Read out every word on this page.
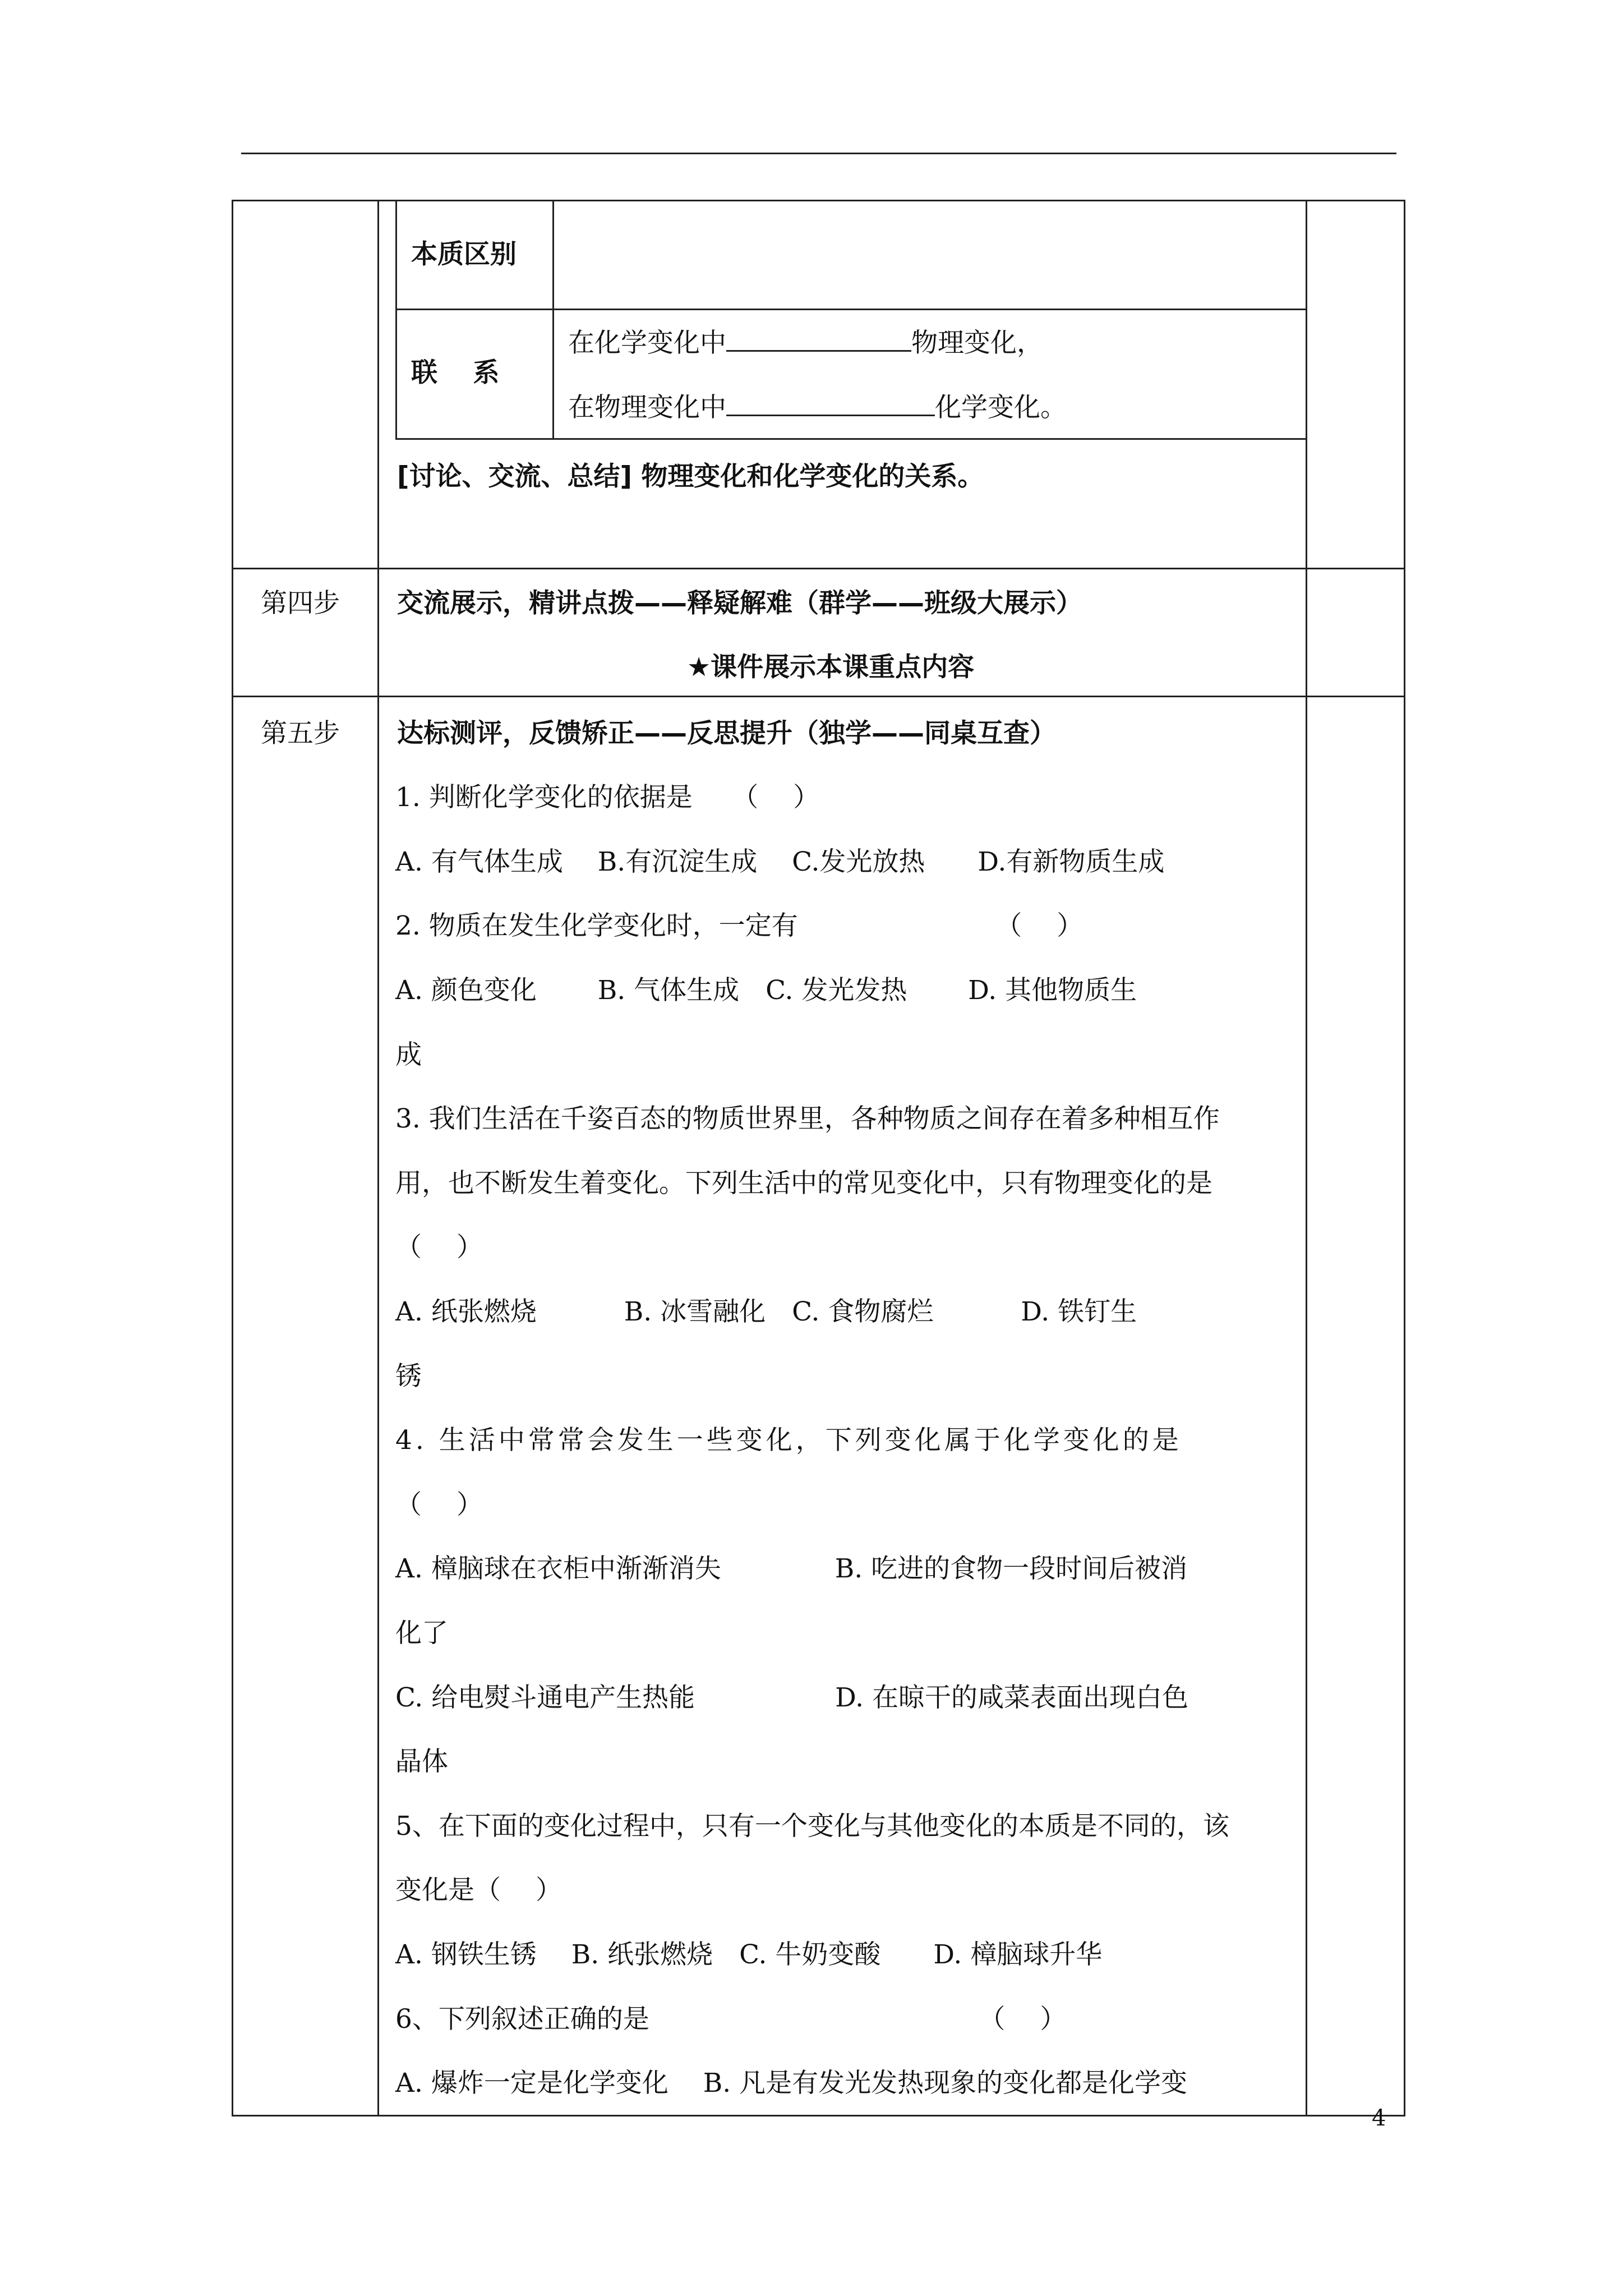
本质区别
联　 系
在化学变化中	物理变化，
在物理变化中	化学变化。
[讨论、交流、总结] 物理变化和化学变化的关系。
第四步 交流展示，精讲点拨——释疑解难（群学——班级大展示）
★课件展示本课重点内容
第五步 达标测评，反馈矫正——反思提升（独学——同桌互查）
1. 判断化学变化的依据是　　（　 ）
A. 有气体生成　 B.有沉淀生成　 C.发光放热　　D.有新物质生成
2. 物质在发生化学变化时，一定有　　　　　　　　（　 ）
A. 颜色变化　　 B. 气体生成　C. 发光发热　　 D. 其他物质生
成
3. 我们生活在千姿百态的物质世界里，各种物质之间存在着多种相互作
用，也不断发生着变化。下列生活中的常见变化中，只有物理变化的是
（　 ）
A. 纸张燃烧　　　 B. 冰雪融化　C. 食物腐烂　　　 D. 铁钉生
锈
4. 生活中常常会发生一些变化，下列变化属于化学变化的是
（　 ）
A. 樟脑球在衣柜中渐渐消失　　　　 B. 吃进的食物一段时间后被消
化了
C. 给电熨斗通电产生热能　　　　　 D. 在晾干的咸菜表面出现白色
晶体
5、在下面的变化过程中，只有一个变化与其他变化的本质是不同的，该
变化是（　 ）
A. 钢铁生锈　 B. 纸张燃烧　C. 牛奶变酸　　D. 樟脑球升华
6、下列叙述正确的是　　　　　　　　　　　　　（　 ）
A. 爆炸一定是化学变化　 B. 凡是有发光发热现象的变化都是化学变
4
